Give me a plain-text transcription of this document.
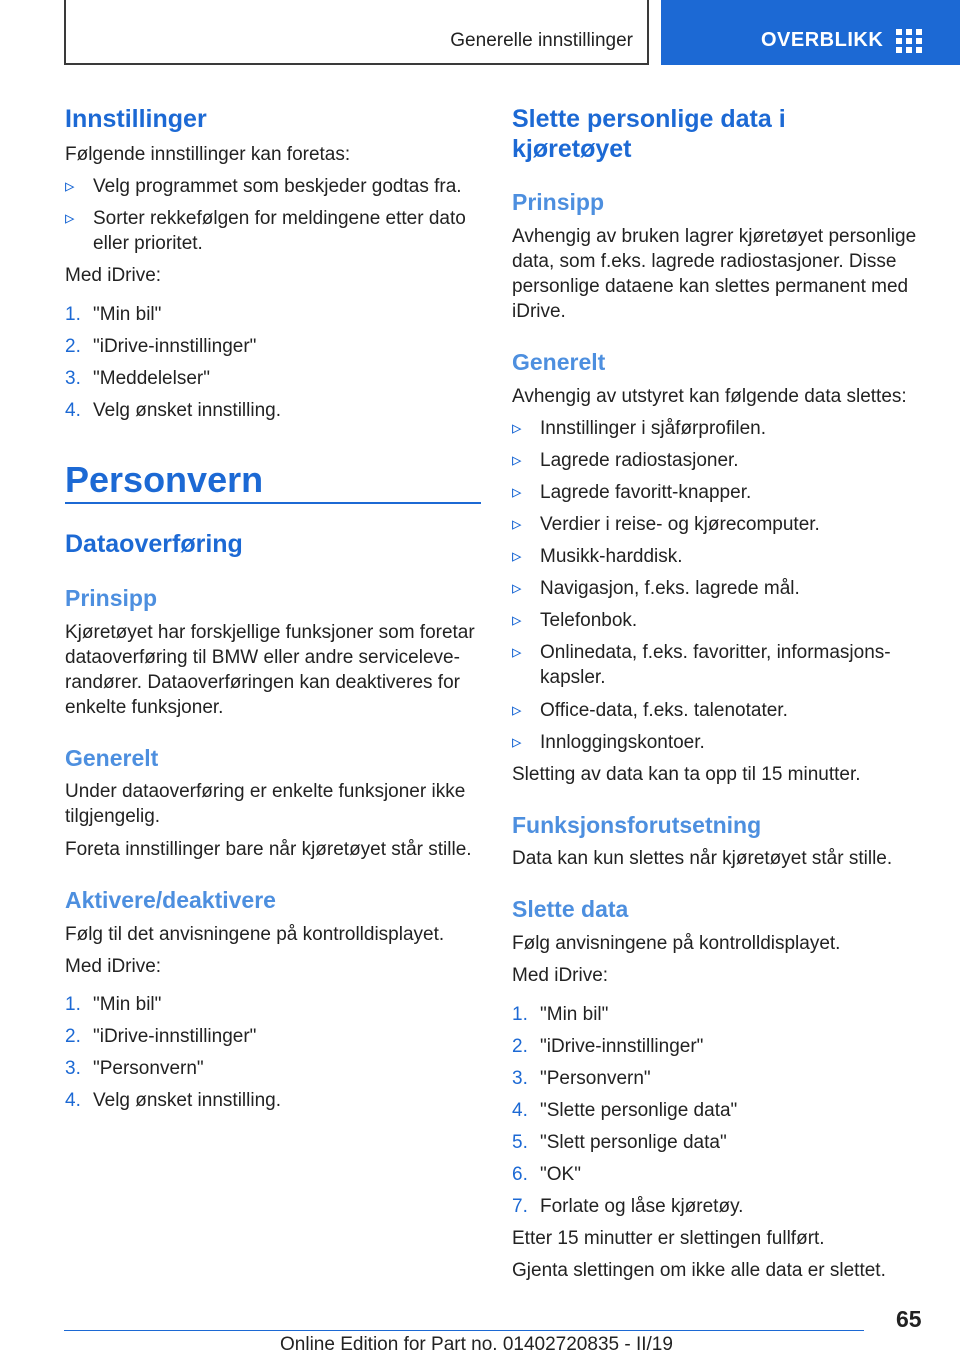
Generelle innstillinger	OVERBLIKK
Innstillinger
Følgende innstillinger kan foretas:
▹ Velg programmet som beskjeder godtas fra.
▹ Sorter rekkefølgen for meldingene etter dato eller prioritet.
Med iDrive:
1. "Min bil"
2. "iDrive-innstillinger"
3. "Meddelelser"
4. Velg ønsket innstilling.
Personvern
Dataoverføring
Prinsipp
Kjøretøyet har forskjellige funksjoner som foretar dataoverføring til BMW eller andre serviceleve-randører. Dataoverføringen kan deaktiveres for enkelte funksjoner.
Generelt
Under dataoverføring er enkelte funksjoner ikke tilgjengelig.
Foreta innstillinger bare når kjøretøyet står stille.
Aktivere/deaktivere
Følg til det anvisningene på kontrolldisplayet.
Med iDrive:
1. "Min bil"
2. "iDrive-innstillinger"
3. "Personvern"
4. Velg ønsket innstilling.
Slette personlige data i kjøretøyet
Prinsipp
Avhengig av bruken lagrer kjøretøyet personlige data, som f.eks. lagrede radiostasjoner. Disse personlige dataene kan slettes permanent med iDrive.
Generelt
Avhengig av utstyret kan følgende data slettes:
▹ Innstillinger i sjåførprofilen.
▹ Lagrede radiostasjoner.
▹ Lagrede favoritt-knapper.
▹ Verdier i reise- og kjørecomputer.
▹ Musikk-harddisk.
▹ Navigasjon, f.eks. lagrede mål.
▹ Telefonbok.
▹ Onlinedata, f.eks. favoritter, informasjons-kapsler.
▹ Office-data, f.eks. talenotater.
▹ Innloggingskontoer.
Sletting av data kan ta opp til 15 minutter.
Funksjonsforutsetning
Data kan kun slettes når kjøretøyet står stille.
Slette data
Følg anvisningene på kontrolldisplayet.
Med iDrive:
1. "Min bil"
2. "iDrive-innstillinger"
3. "Personvern"
4. "Slette personlige data"
5. "Slett personlige data"
6. "OK"
7. Forlate og låse kjøretøy.
Etter 15 minutter er slettingen fullført.
Gjenta slettingen om ikke alle data er slettet.
65
Online Edition for Part no. 01402720835 - II/19
